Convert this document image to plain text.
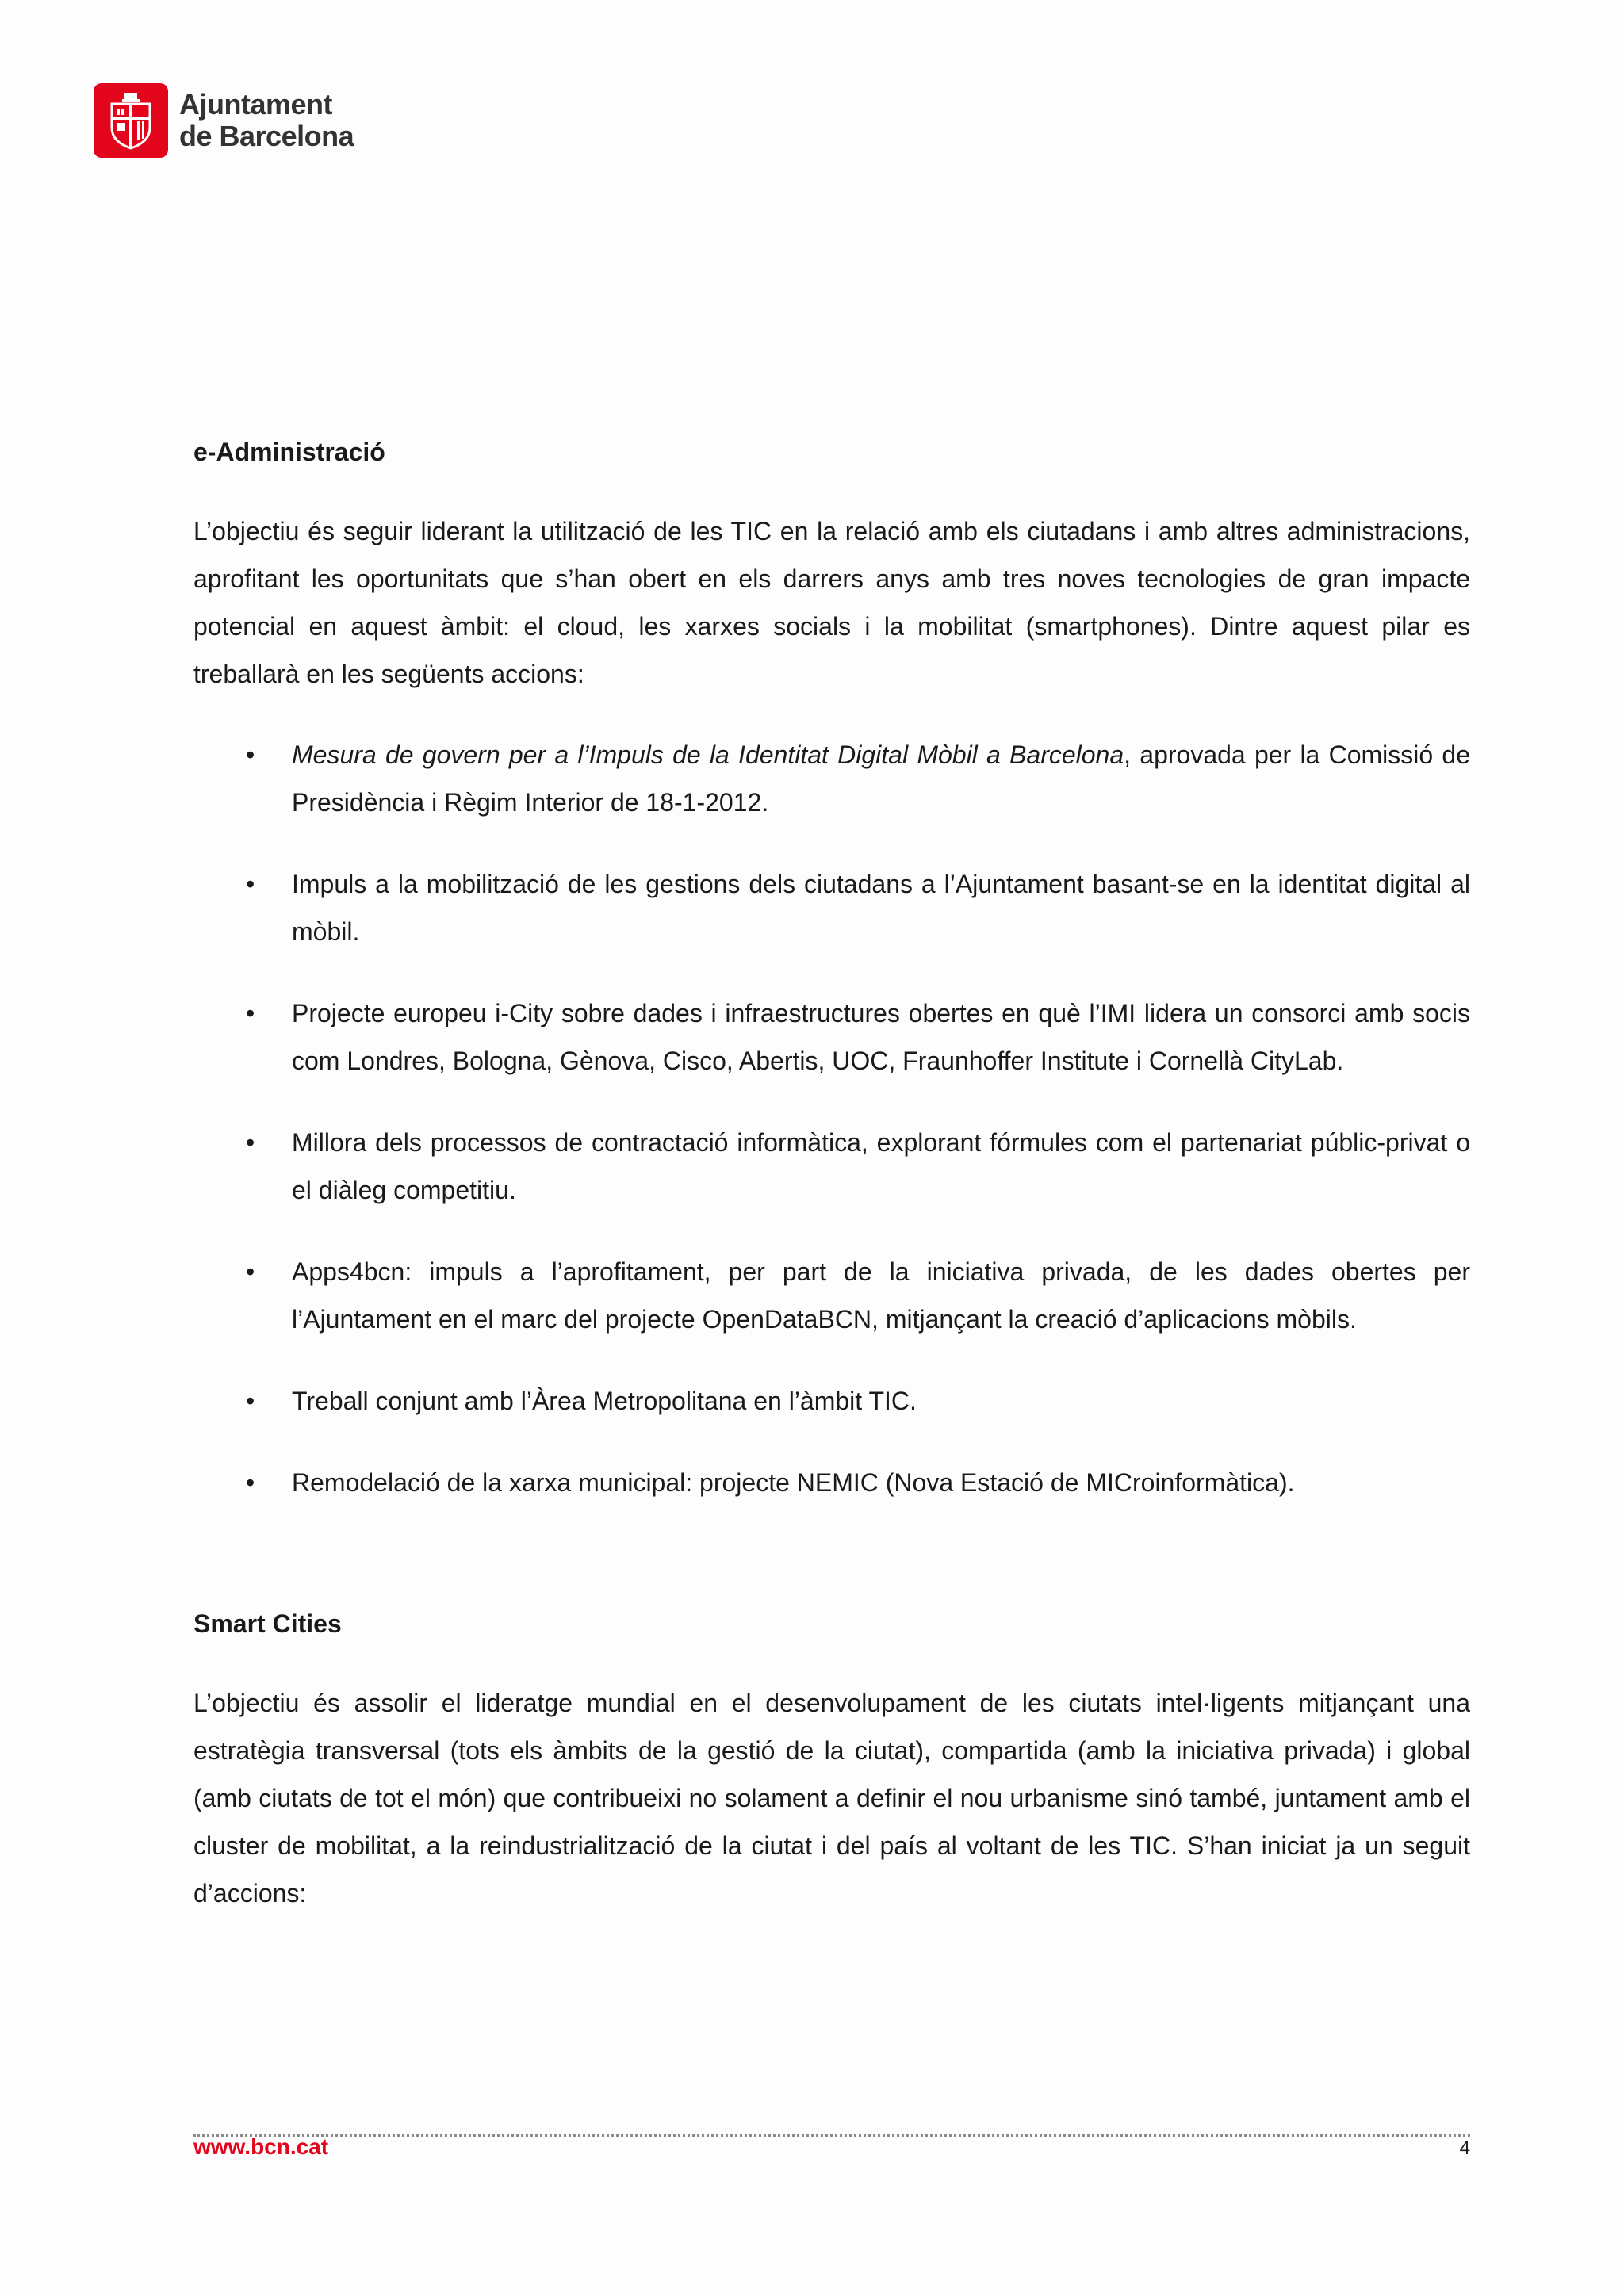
Ajuntament
de Barcelona
e-Administració

L’objectiu és seguir liderant la utilització de les TIC en la relació amb els ciutadans i amb altres administracions, aprofitant les oportunitats que s’han obert en els darrers anys amb tres noves tecnologies de gran impacte potencial en aquest àmbit: el cloud, les xarxes socials i la mobilitat (smartphones). Dintre aquest pilar es treballarà en les següents accions:

• Mesura de govern per a l’Impuls de la Identitat Digital Mòbil a Barcelona, aprovada per la Comissió de Presidència i Règim Interior de 18-1-2012.
• Impuls a la mobilització de les gestions dels ciutadans a l’Ajuntament basant-se en la identitat digital al mòbil.
• Projecte europeu i-City sobre dades i infraestructures obertes en què l’IMI lidera un consorci amb socis com Londres, Bologna, Gènova, Cisco, Abertis, UOC, Fraunhoffer Institute i Cornellà CityLab.
• Millora dels processos de contractació informàtica, explorant fórmules com el partenariat públic-privat o el diàleg competitiu.
• Apps4bcn: impuls a l’aprofitament, per part de la iniciativa privada, de les dades obertes per l’Ajuntament en el marc del projecte OpenDataBCN, mitjançant la creació d’aplicacions mòbils.
• Treball conjunt amb l’Àrea Metropolitana en l’àmbit TIC.
• Remodelació de la xarxa municipal: projecte NEMIC (Nova Estació de MICroinformàtica).
Smart Cities

L’objectiu és assolir el lideratge mundial en el desenvolupament de les ciutats intel·ligents mitjançant una estratègia transversal (tots els àmbits de la gestió de la ciutat), compartida (amb la iniciativa privada) i global (amb ciutats de tot el món) que contribueixi no solament a definir el nou urbanisme sinó també, juntament amb el cluster de mobilitat, a la reindustrialització de la ciutat i del país al voltant de les TIC. S’han iniciat ja un seguit d’accions:

www.bcn.cat	4
